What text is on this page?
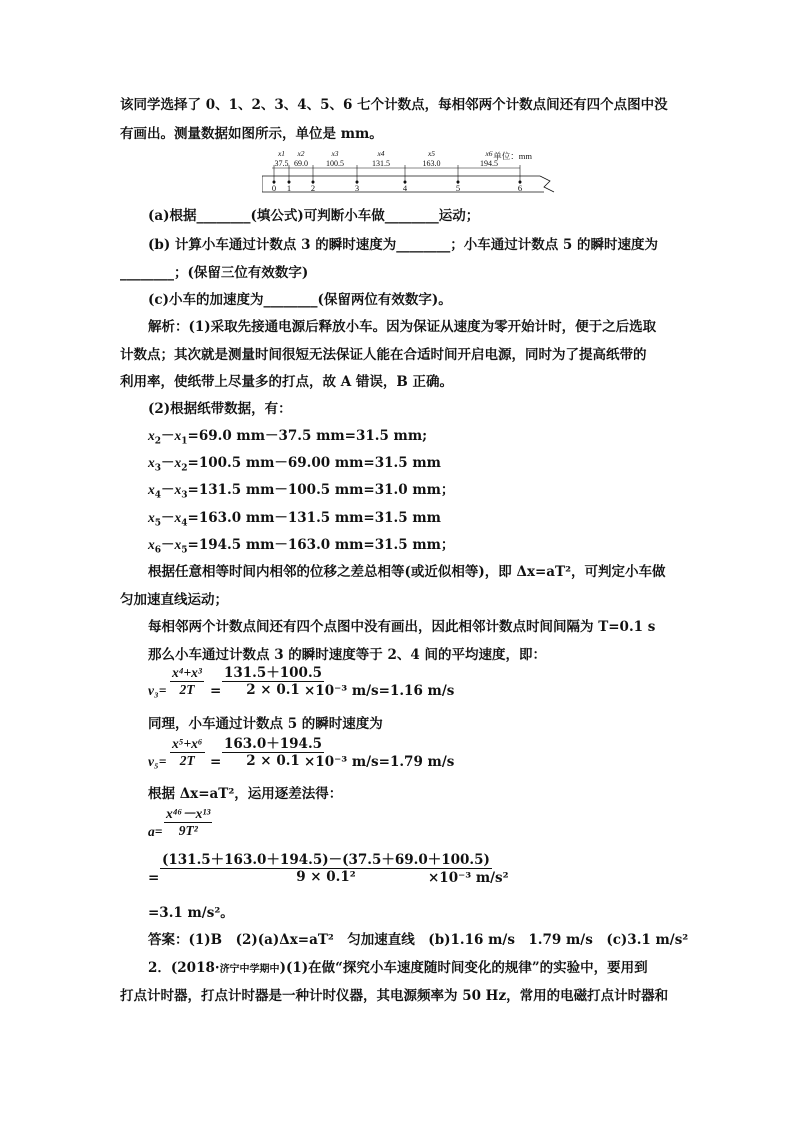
该同学选择了 0、1、2、3、4、5、6 七个计数点，每相邻两个计数点间还有四个点图中没
有画出。测量数据如图所示，单位是 mm。
0 1 2	3	4	5	6
x1
37.5
x2
69.0
x3
100.5
x4
131.5
x5
163.0
x6
194.5
单位：mm
(a)根据________(填公式)可判断小车做________运动；
(b) 计算小车通过计数点 3 的瞬时速度为________；小车通过计数点 5 的瞬时速度为
________；(保留三位有效数字)
(c)小车的加速度为________(保留两位有效数字)。
解析：(1)采取先接通电源后释放小车。因为保证从速度为零开始计时，便于之后选取
计数点；其次就是测量时间很短无法保证人能在合适时间开启电源，同时为了提高纸带的
利用率，使纸带上尽量多的打点，故 A 错误，B 正确。
(2)根据纸带数据，有：
$x_2-x_1=69.0$ mm－37.5 mm=31.5 mm;
$x_3-x_2=100.5$ mm－69.00 mm=31.5 mm
$x_4-x_3=131.5$ mm－100.5 mm=31.0 mm；
$x_5-x_4=163.0$ mm－131.5 mm=31.5 mm
$x_6-x_5=194.5$ mm－163.0 mm=31.5 mm；
根据任意相等时间内相邻的位移之差总相等(或近似相等)，即 Δx=aT²，可判定小车做
匀加速直线运动；
每相邻两个计数点间还有四个点图中没有画出，因此相邻计数点时间间隔为 T=0.1 s
那么小车通过计数点 3 的瞬时速度等于 2、4 间的平均速度，即：
$v_3= \frac{\text{x⁴+x³}}{2T} = \frac{131.5+100.5}{2 \times 0.1}$
×10⁻³ m/s=1.16 m/s
同理，小车通过计数点 5 的瞬时速度为
$v_5= \frac{\text{x⁵+x⁶}}{2T} = \frac{163.0+194.5}{2 \times 0.1}$
×10⁻³ m/s=1.79 m/s
根据 Δx=aT²，运用逐差法得：
$a= \frac{\text{x⁴⁶－x¹³}}{\text{9T²}}$
= $\frac{(131.5+163.0+194.5)-(37.5+69.0+100.5)}{\text{9 × 0.1²}}$
×10⁻³ m/s²
=3.1 m/s²。
答案：(1)B　(2)(a)Δx=aT²　匀加速直线　(b)1.16 m/s　1.79 m/s　(c)3.1 m/s²
2．(2018·济宁中学期中)(1)在做“探究小车速度随时间变化的规律”的实验中，要用到
打点计时器，打点计时器是一种计时仪器，其电源频率为 50 Hz，常用的电磁打点计时器和
